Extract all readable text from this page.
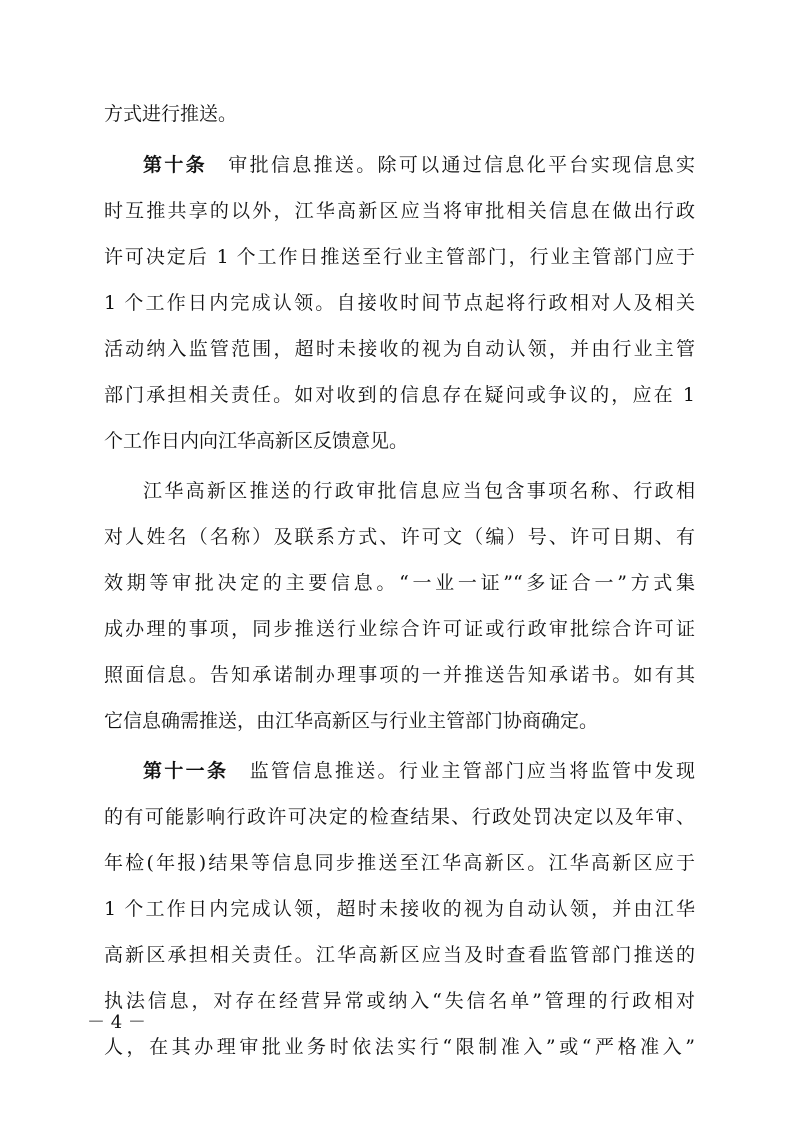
方式进行推送。
第十条　 审批信息推送。除可以通过信息化平台实现信息实
时互推共享的以外，江华高新区应当将审批相关信息在做出行政
许可决定后 1 个工作日推送至行业主管部门，行业主管部门应于
1 个工作日内完成认领。自接收时间节点起将行政相对人及相关
活动纳入监管范围，超时未接收的视为自动认领，并由行业主管
部门承担相关责任。如对收到的信息存在疑问或争议的，应在 1
个工作日内向江华高新区反馈意见。
江华高新区推送的行政审批信息应当包含事项名称、行政相
对人姓名（名称）及联系方式、许可文（编）号、许可日期、有
效期等审批决定的主要信息。“一业一证”“多证合一”方式集
成办理的事项，同步推送行业综合许可证或行政审批综合许可证
照面信息。告知承诺制办理事项的一并推送告知承诺书。如有其
它信息确需推送，由江华高新区与行业主管部门协商确定。
第十一条　 监管信息推送。行业主管部门应当将监管中发现
的有可能影响行政许可决定的检查结果、行政处罚决定以及年审、
年检(年报)结果等信息同步推送至江华高新区。江华高新区应于
1 个工作日内完成认领，超时未接收的视为自动认领，并由江华
高新区承担相关责任。江华高新区应当及时查看监管部门推送的
执法信息，对存在经营异常或纳入“失信名单”管理的行政相对
人，在其办理审批业务时依法实行“限制准入”或“严格准入”
－ 4 －
